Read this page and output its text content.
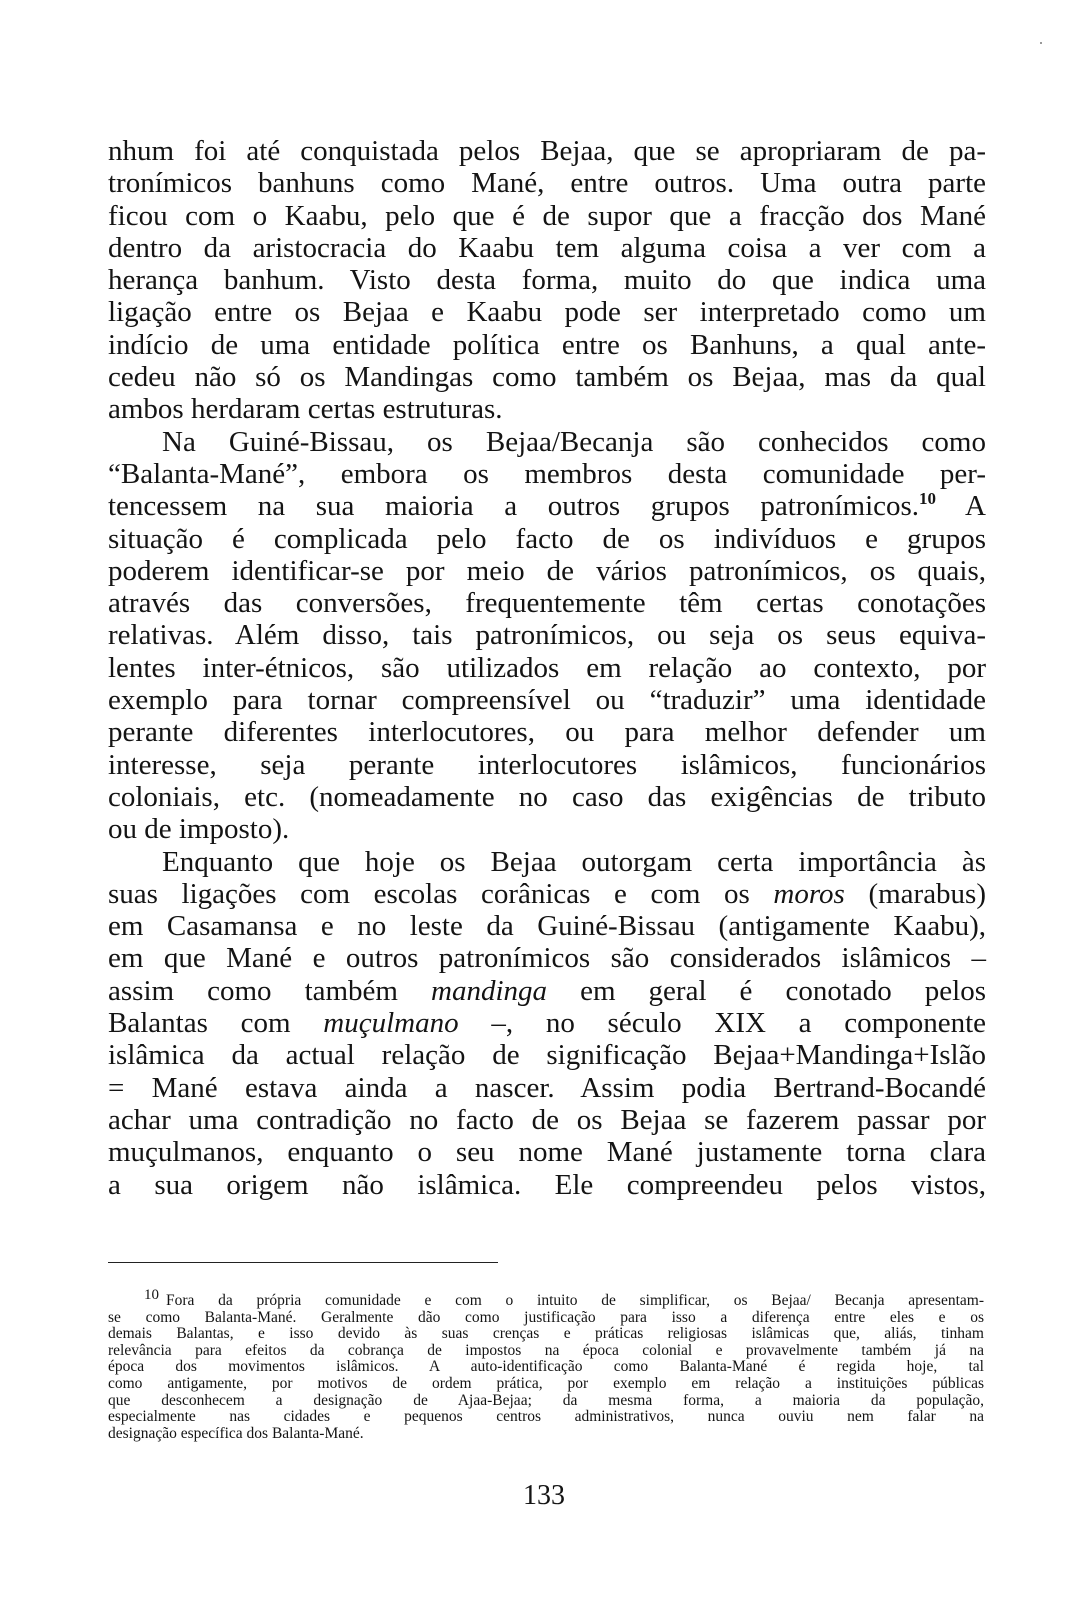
nhum foi até conquistada pelos Bejaa, que se apropriaram de pa-
tronímicos banhuns como Mané, entre outros. Uma outra parte
ficou com o Kaabu, pelo que é de supor que a fracção dos Mané
dentro da aristocracia do Kaabu tem alguma coisa a ver com a
herança banhum. Visto desta forma, muito do que indica uma
ligação entre os Bejaa e Kaabu pode ser interpretado como um
indício de uma entidade política entre os Banhuns, a qual ante-
cedeu não só os Mandingas como também os Bejaa, mas da qual
ambos herdaram certas estruturas.
Na Guiné-Bissau, os Bejaa/Becanja são conhecidos como
“Balanta-Mané”, embora os membros desta comunidade per-
tencessem na sua maioria a outros grupos patronímicos.$^{10}$ A
situação é complicada pelo facto de os indivíduos e grupos
poderem identificar-se por meio de vários patronímicos, os quais,
através das conversões, frequentemente têm certas conotações
relativas. Além disso, tais patronímicos, ou seja os seus equiva-
lentes inter-étnicos, são utilizados em relação ao contexto, por
exemplo para tornar compreensível ou “traduzir” uma identidade
perante diferentes interlocutores, ou para melhor defender um
interesse, seja perante interlocutores islâmicos, funcionários
coloniais, etc. (nomeadamente no caso das exigências de tributo
ou de imposto).
Enquanto que hoje os Bejaa outorgam certa importância às
suas ligações com escolas corânicas e com os moros (marabus)
em Casamansa e no leste da Guiné-Bissau (antigamente Kaabu),
em que Mané e outros patronímicos são considerados islâmicos –
assim como também mandinga em geral é conotado pelos
Balantas com muçulmano –, no século XIX a componente
islâmica da actual relação de significação Bejaa+Mandinga+Islão
= Mané estava ainda a nascer. Assim podia Bertrand-Bocandé
achar uma contradição no facto de os Bejaa se fazerem passar por
muçulmanos, enquanto o seu nome Mané justamente torna clara
a sua origem não islâmica. Ele compreendeu pelos vistos,
10 Fora da própria comunidade e com o intuito de simplificar, os Bejaa/ Becanja apresentam-
se como Balanta-Mané. Geralmente dão como justificação para isso a diferença entre eles e os
demais Balantas, e isso devido às suas crenças e práticas religiosas islâmicas que, aliás, tinham
relevância para efeitos da cobrança de impostos na época colonial e provavelmente também já na
época dos movimentos islâmicos. A auto-identificação como Balanta-Mané é regida hoje, tal
como antigamente, por motivos de ordem prática, por exemplo em relação a instituições públicas
que desconhecem a designação de Ajaa-Bejaa; da mesma forma, a maioria da população,
especialmente nas cidades e pequenos centros administrativos, nunca ouviu nem falar na
designação específica dos Balanta-Mané.
133
